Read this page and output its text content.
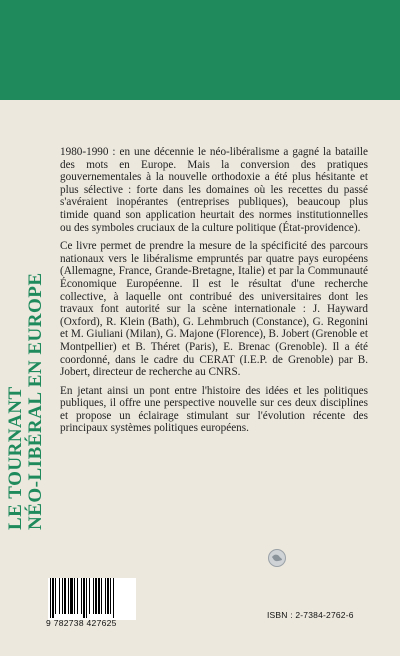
LE TOURNANT NÉO-LIBÉRAL EN EUROPE

1980-1990 : en une décennie le néo-libéralisme a gagné la bataille des mots en Europe. Mais la conversion des pratiques gouvernementales à la nouvelle orthodoxie a été plus hésitante et plus sélective : forte dans les domaines où les recettes du passé s'avéraient inopérantes (entreprises publiques), beaucoup plus timide quand son application heurtait des normes institutionnelles ou des symboles cruciaux de la culture politique (État-providence).

Ce livre permet de prendre la mesure de la spécificité des parcours nationaux vers le libéralisme empruntés par quatre pays européens (Allemagne, France, Grande-Bretagne, Italie) et par la Communauté Économique Européenne. Il est le résultat d'une recherche collective, à laquelle ont contribué des universitaires dont les travaux font autorité sur la scène internationale : J. Hayward (Oxford), R. Klein (Bath), G. Lehmbruch (Constance), G. Regonini et M. Giuliani (Milan), G. Majone (Florence), B. Jobert (Grenoble et Montpellier) et B. Théret (Paris), E. Brenac (Grenoble). Il a été coordonné, dans le cadre du CERAT (I.E.P. de Grenoble) par B. Jobert, directeur de recherche au CNRS.

En jetant ainsi un pont entre l'histoire des idées et les politiques publiques, il offre une perspective nouvelle sur ces deux disciplines et propose un éclairage stimulant sur l'évolution récente des principaux systèmes politiques européens.

9 782738 427625
ISBN : 2-7384-2762-6
